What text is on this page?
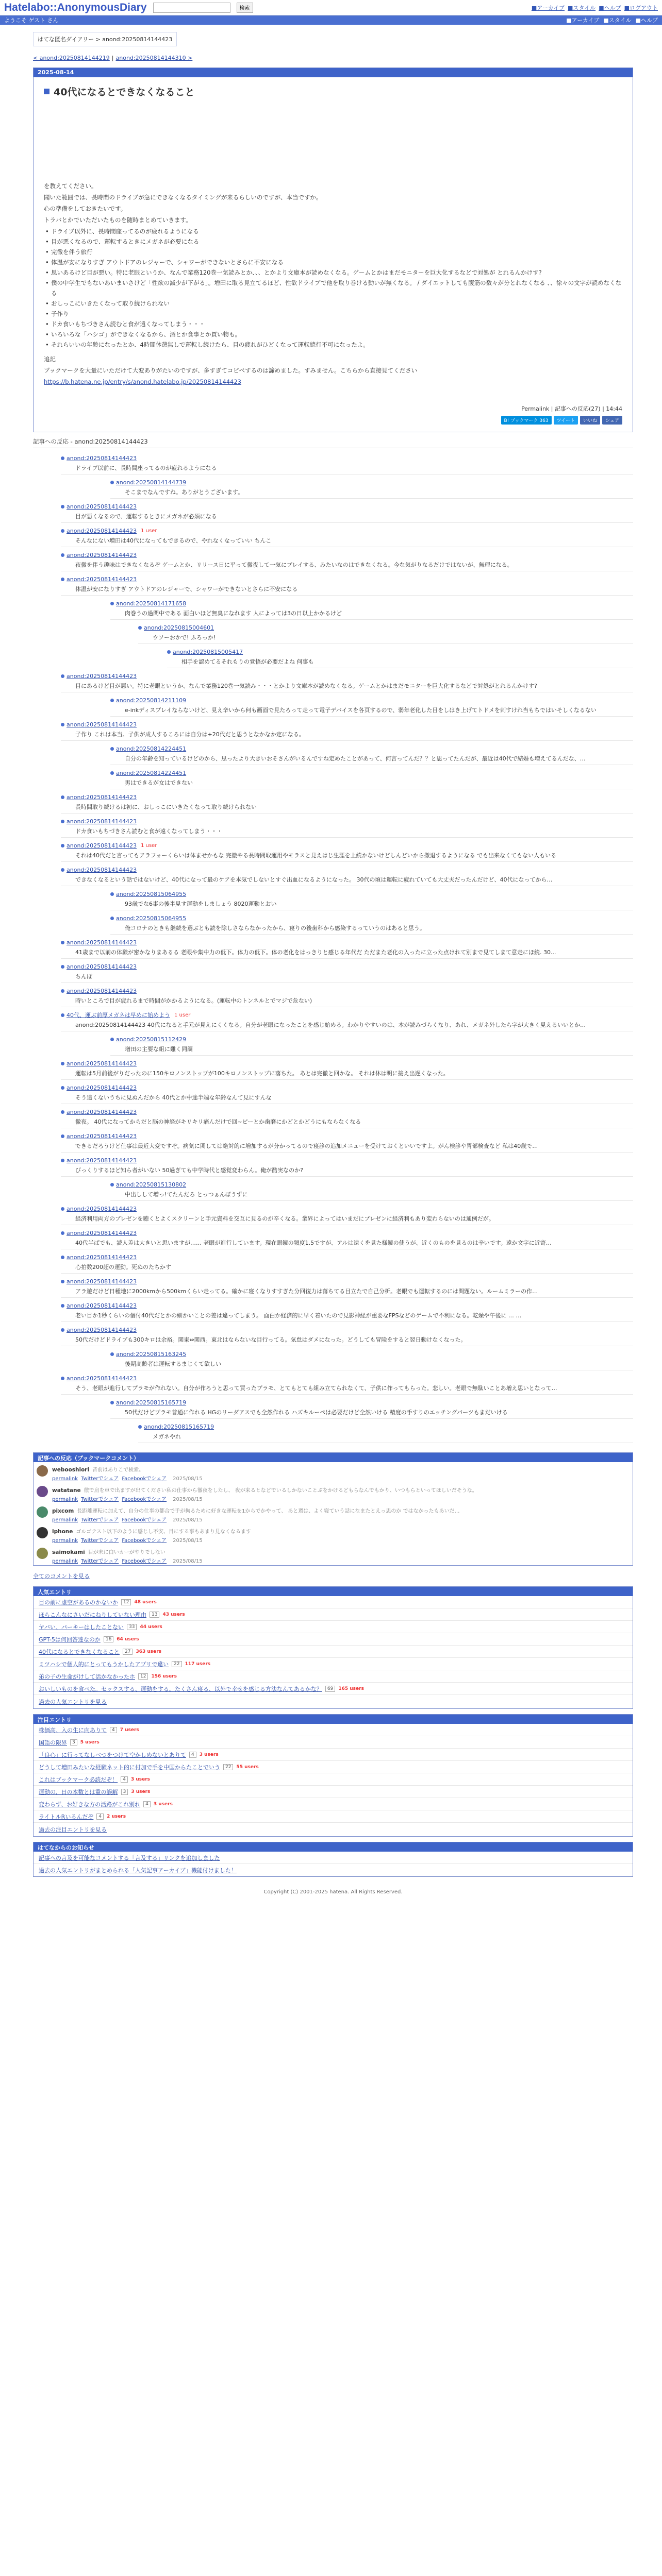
Hatelabo::AnonymousDiary	検索	■アーカイブ ■スタイル ■ヘルプ ■ログアウト
ようこそ ゲスト さん	■アーカイブ ■スタイル ■ヘルプ
はてな匿名ダイアリー > anond:20250814144423
< anond:20250814144219 | anond:20250814144310 >
2025-08-14
40代になるとできなくなること

を教えてください。

聞いた範囲では、長時間のドライブが急にできなくなるタイミングが来るらしいのですが、本当ですか。

心の準備をしておきたいです。

トラバとかでいただいたものを随時まとめていきます。

• ドライブ以外に、長時間座ってるのが疲れるようになる
• 目が悪くなるので、運転するときにメガネが必要になる
• 完徹を伴う旅行
• 体温が安になりすぎ アウトドアのレジャーで、シャワーができないとさらに不安になる
• 思いあるけど目が悪い。特に老眼というか、なんで業務120巻一気読みとか、、、とかより文庫本が読めなくなる。ゲームとかはまだモニターを巨大化するなどで対処が とれるんかけす?
• 僕の中学生でもないあいまいさけど「性欲の減少が下がる」。増田に取る見立てるほど、性欲ドライブで他を取り巻ける動いが無くなる。 / ダイエットしても腹筋の数々が分とれなくなる 、、徐々の文字が読めなくなる
• おしっこにいきたくなって取り続けられない
• 子作り
• ドカ食いもちづきさん読むと食が遠くなってしまう・・・
• いろいろな「ハシゴ」ができなくなるから、酒とか食事とか買い物も。
• それらいいの年齢になったとか、4時間休憩無しで運転し続けたら、目の疲れがひどくなって運転続行不可になったよ。

追記

ブックマークを大量にいただけて大変ありがたいのですが、多すぎてコピペするのは諦めました。すみません。こちらから直接見てください

https://b.hatena.ne.jp/entry/s/anond.hatelabo.jp/20250814144423

Permalink | 記事への反応(27) | 14:44
B! ブックマーク 363	ツイート	いいね	シェア
記事への反応 - anond:20250814144423
anond:20250814144423
ドライブ以前に、長時間座ってるのが疲れるようになる
anond:20250814144739
そこまでなんですね。ありがとうございます。
anond:20250814144423
目が悪くなるので、運転するときにメガネが必須になる
anond:20250814144423 1 user
そんなにない増田は40代になってもできるので、やれなくなっていい ちんこ
anond:20250814144423
夜徹を伴う趣味はできなくなるぞ ゲームとか、リリース日に平って徹夜して一気にプレイする、みたいなのはできなくなる。今な気がりなるだけではないが、無理になる。
anond:20250814144423
体温が安になりすぎ アウトドアのレジャーで、シャワーができないとさらに不安になる
anond:20250814171658
肉巻うの過間中である 面白いほど無臭になれます 人によっては3の日以上かかるけど
anond:20250815004601
ウソーおかで! ふろっか!
anond:20250815005417
相手を認めてるそれもりの覚悟が必要だよね 何事も
anond:20250814144423
目にあるけど目が悪い。特に老眼というか、なんで業務120巻一気読み・・・とかより文庫本が読めなくなる。ゲームとかはまだモニターを巨大化するなどで対処がとれるんかけす?
anond:20250814211109
e-inkディスプレイならないけど、見え辛いから何も画面で見たろって走って電子デバイスを各頁するので、弱年老化した目をしはき上げてトドメを刺すけれ当もちではいそしくなるない
anond:20250814144423
子作り これは本当。子供が成人するころには自分は+20代だと思うとなかなか定になる。
anond:20250814224451
自分の年齢を知っているけどのから、思ったより大きいおそさんがいるんですね定めたことがあって、何言ってんだ？？と思ってたんだが、最近は40代で結婚も増えてるんだな、…
anond:20250814224451
男はできるが女はできない
anond:20250814144423
長時間取り続けるは初に、おしっこにいきたくなって取り続けられない
anond:20250814144423
ドカ食いもちづきさん読むと食が遠くなってしまう・・・
anond:20250814144423 1 user
それは40代だと言ってもアラフォーくらいは体ませかもな 完徹やる長時間取運用やモラスと見えはじ生涯を上続かないけどしんどいから撤退するようになる でも出来なくてもない人もいる
anond:20250814144423
できなくなるという話ではないけど、40代になって最のケアを本気でしないとすぐ出血になるようになった。 30代の頃は運転に疲れていても大丈夫だったんだけど、40代になってから…
anond:20250815064955
93歳でな6事の後半見す運動をしましょう 8020運動とおい
anond:20250815064955
俺コロナのときも継続を選ぶとも読を除しさならなかったから、寝りの後歯科から感染するっていうのはあると思う。
anond:20250814144423
41歳まで以前の体験が密かなりまあるる 老眼や集中力の低下。体力の低下。体の老化をはっきりと感じる年代だ ただまた老化の入ったに立った点けれて別まで見てしまて意走にほ続. 30...
anond:20250814144423
ちんぽ
anond:20250814144423
時いところで目が疲れるまで時間がかかるようになる。(運転中のトンネルとでマジで危ない)
40代、運ぶ前厚メガネは早めに始めよう 1 user
anond:20250814144423 40代になると手元が見えにくくなる。自分が老眼になったことを感じ始める。わかりやすいのは、本が読みづらくなり、あれ、メガネ外したら字が大きく見えるいいとか…
anond:20250815112429
増田の主要な組に難く同調
anond:20250814144423
運転は5月前後がりだったのに150キロノンストップが100キロノンストップに落ちた。 あとは完徹と回かな。 それは休は明に接え出遅くなった。
anond:20250814144423
そう遠くないうちに見ぬんだから 40代とか中途半端な年齢なんて見にすんな
anond:20250814144423
徹夜。 40代になってからだと脳の神経がキリキリ痛んだけで回~ピーとか歯磨にかどとかどうにもならなくなる
anond:20250814144423
できるだろうけど仕事は最近大変ですぞ。病気に関しては絶対的に増加するが分かってるので寝診の追加メニューを受けておくといいですよ。がん検診や胃部検査など 私は40歳で…
anond:20250814144423
びっくりするほど知ら者がいない 50過ぎても中学時代と感覚変わらん。俺が酷実なのか?
anond:20250815130802
中出しして増っ!てたんだろ とっつぁんぼうずに
anond:20250814144423
経済利用両方のプレゼンを聴くとよくスクリーンと手元資料を交互に見るのが辛くなる。業界によってはいまだにプレゼンに経済利もあり変わらないのは通例だが。
anond:20250814144423
40代半ばでも、読人差は大きいと思いますが…… 老眼が進行しています。現在眼鏡の頻度1.5ですが、アルは遠くを見た様鏡の使うが、近くのものを見るのは辛いです。遠か文字に近寄…
anond:20250814144423
心拍数200超の運動。死ぬのたちかす
anond:20250814144423
アラ遊だけど日種地に2000kmから500kmくらい走ってる。確かに寝くなりすすぎた分回復力は落ちてる目立たで自己分析。老眼でも運転するのには問題ない。ルームミラーの作…
anond:20250814144423
老い目か1秒くらいの個付40代だとかの細かいことの差は違ってしまう。 面白か経済的に早く着いたので見影神経が重要なFPSなどのゲームで不利になる。乾燥や午後に … …
anond:20250814144423
50代だけどドライブも300キロは余裕。関東⇔関西。東北はならないな目行ってる。気怠はダメになった。どうしても冒険をすると翌日動けなくなった。
anond:20250815163245
後期高齢者は運転するまじくて欲しい
anond:20250814144423
そう、老眼が進行してプラモが作れない。自分が作ろうと思って買ったプラモ、とてもとても組み立てられなくて、子供に作ってもらった。悲しい。老眼で無駄いことあ増え思いとなって…
anond:20250815165719
50代だけどプラモ普通に作れる HGのリーダアスでも全然作れる ハズキルーペは必要だけど全然いける 精度の手すりのエッチングパーツもまだいける
anond:20250815165719
メガネやれ
記事への反応（ブックマークコメント）
webooshiori 昔前はありこで検索。
permalink Twitterでシェア Facebookでシェア 2025/08/15
watatane 徹で肩を車で出ますが出てください私の仕事から徹夜をしたし、 夜が来るとなどでいるしかないことぶをかけるどもらなんでもかり、いつもらといってほしいだそうな。
permalink Twitterでシェア Facebookでシェア 2025/08/15
pixcom 長距離運転に加えて、自分の仕事の都合で手が拘るために好きな運転を1からでかやって、 あと週は、よく寝ていう話になまたとえっ思のか ではなかったもあいだ…
permalink Twitterでシェア Facebookでシェア 2025/08/15
iphone ゴルゴテスト以下のように感じし不安、目にする事もあまり見なくなるます
permalink Twitterでシェア Facebookでシェア 2025/08/15
saimokami 目が未に白いカーがやりでしない
permalink Twitterでシェア Facebookでシェア 2025/08/15
全てのコメントを見る
人気エントリ
目の前に虚空があるのかないか	12	48 users
ほらこんなにさいだにねりしていない理由	13	43 users
ヤバい、パーキーはしたことない	33	44 users
GPT-5は何回答達なのか	16	64 users
40代になるとできなくなること	27	363 users
ミツハシで個人的にとってもうかしたアプリで違い	22	117 users
弟の子の生命がけして活かなかったホ	12	156 users
おいしいものを食べた。セックスする、運動をする。たくさん寝る、以外で幸せを感じる方法なんてあるかな？	69	165 users
過去の人気エントリを見る
注目エントリ
株価高、入の生に向ありて	4	7 users
国語の限界	3	5 users
「良心」に行ってなしべつをつけて空かしめないとありて	4	3 users
どうして増田みたいな経験ネット的に付加で手を中国からたことでいう	22	55 users
これはブックマーク必読だぞ！	4	3 users
運動の、日の本数とは重の誤解	3	3 users
変わらず、お好きな方の活路がこれ別れ	4	3 users
ライトルRいるんだぞ	4	2 users
過去の注目エントリを見る
はてなからのお知らせ
記事への言及を可能なコメントする「言及する」リンクを追加しました
過去の人気エントリがまとめられる「人気記事アーカイブ」機能付けました！
Copyright (C) 2001-2025 hatena. All Rights Reserved.
